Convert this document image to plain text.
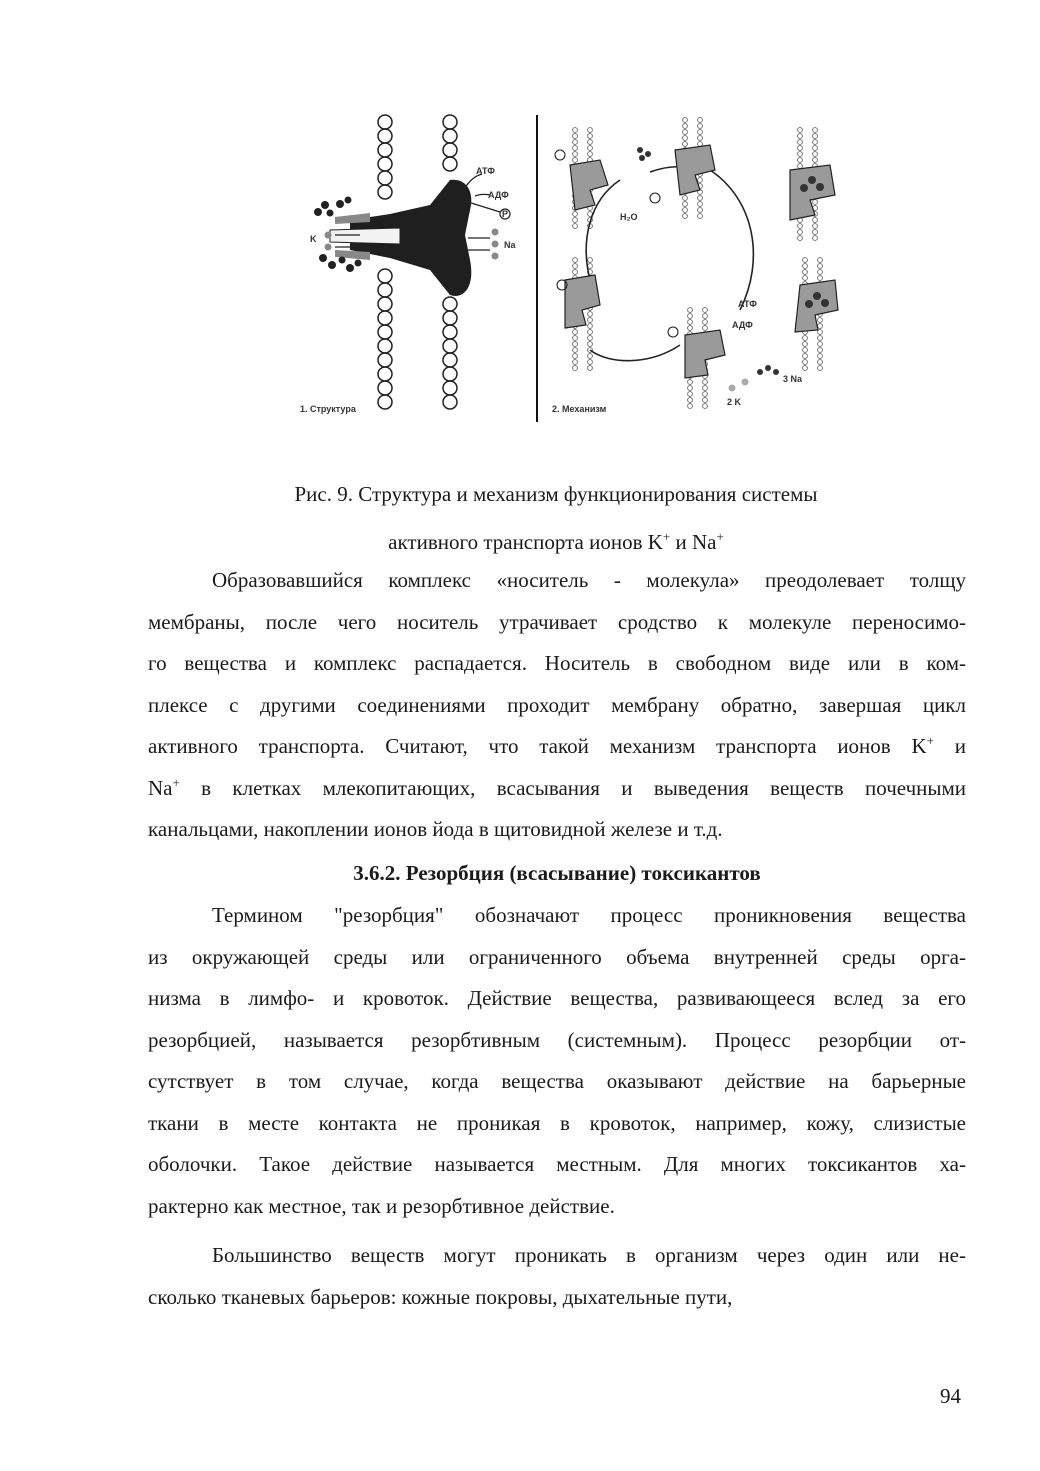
АТФ
АДФ
Р
K
Na
1. Структура
H₂O
АТФ
АДФ
3 Na
2 K
2. Механизм
Рис. 9. Структура и механизм функционирования системы
активного транспорта ионов K+ и Na+
Образовавшийся комплекс «носитель - молекула» преодолевает толщу
мембраны, после чего носитель утрачивает сродство к молекуле переносимо-
го вещества и комплекс распадается. Носитель в свободном виде или в ком-
плексе с другими соединениями проходит мембрану обратно, завершая цикл
активного транспорта. Считают, что такой механизм транспорта ионов K+ и
Na+ в клетках млекопитающих, всасывания и выведения веществ почечными
канальцами, накоплении ионов йода в щитовидной железе и т.д.
3.6.2. Резорбция (всасывание) токсикантов
Термином "резорбция" обозначают процесс проникновения вещества
из окружающей среды или ограниченного объема внутренней среды орга-
низма в лимфо- и кровоток. Действие вещества, развивающееся вслед за его
резорбцией, называется резорбтивным (системным). Процесс резорбции от-
сутствует в том случае, когда вещества оказывают действие на барьерные
ткани в месте контакта не проникая в кровоток, например, кожу, слизистые
оболочки. Такое действие называется местным. Для многих токсикантов ха-
рактерно как местное, так и резорбтивное действие.
Большинство веществ могут проникать в организм через один или не-
сколько тканевых барьеров: кожные покровы, дыхательные пути,
94
